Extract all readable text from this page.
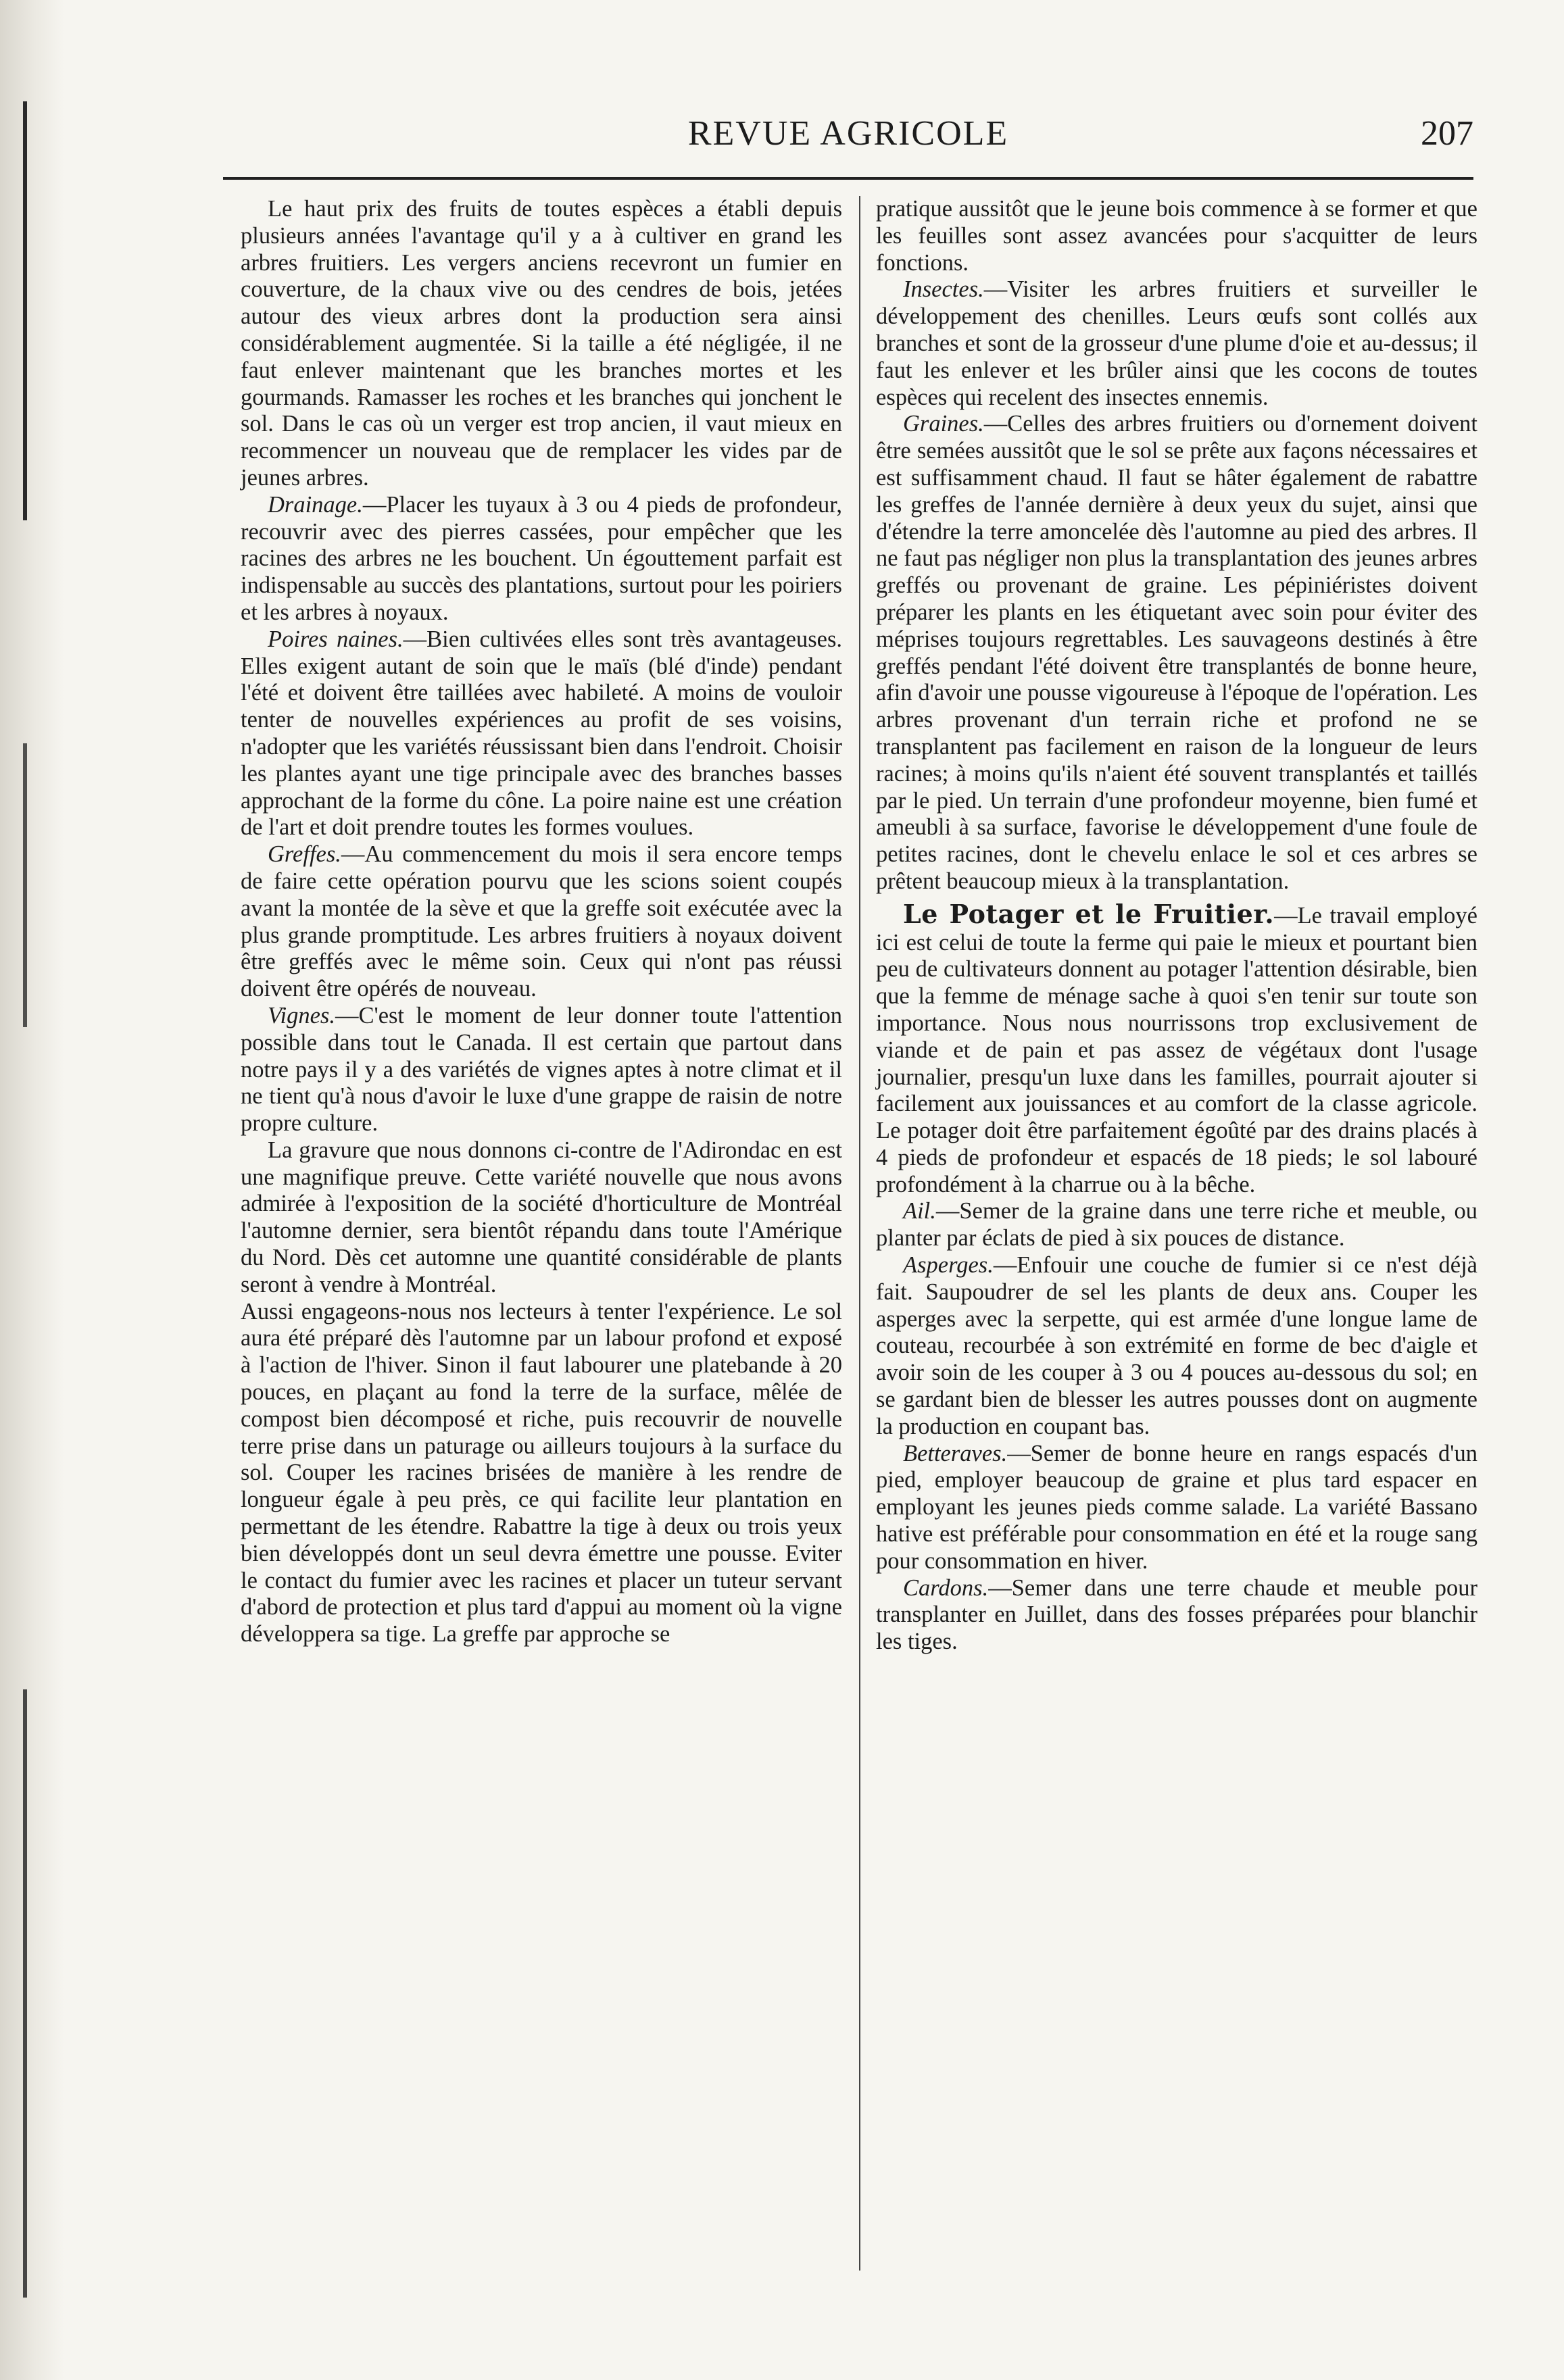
REVUE AGRICOLE	207

Le haut prix des fruits de toutes espèces a établi depuis plusieurs années l'avantage qu'il y a à cultiver en grand les arbres fruitiers. Les vergers anciens recevront un fumier en couverture, de la chaux vive ou des cendres de bois, jetées autour des vieux arbres dont la production sera ainsi considérablement augmentée. Si la taille a été négligée, il ne faut enlever maintenant que les branches mortes et les gourmands. Ramasser les roches et les branches qui jonchent le sol. Dans le cas où un verger est trop ancien, il vaut mieux en recommencer un nouveau que de remplacer les vides par de jeunes arbres.

Drainage.—Placer les tuyaux à 3 ou 4 pieds de profondeur, recouvrir avec des pierres cassées, pour empêcher que les racines des arbres ne les bouchent. Un égouttement parfait est indispensable au succès des plantations, surtout pour les poiriers et les arbres à noyaux.

Poires naines.—Bien cultivées elles sont très avantageuses. Elles exigent autant de soin que le maïs (blé d'inde) pendant l'été et doivent être taillées avec habileté. A moins de vouloir tenter de nouvelles expériences au profit de ses voisins, n'adopter que les variétés réussissant bien dans l'endroit. Choisir les plantes ayant une tige principale avec des branches basses approchant de la forme du cône. La poire naine est une création de l'art et doit prendre toutes les formes voulues.

Greffes.—Au commencement du mois il sera encore temps de faire cette opération pourvu que les scions soient coupés avant la montée de la sève et que la greffe soit exécutée avec la plus grande promptitude. Les arbres fruitiers à noyaux doivent être greffés avec le même soin. Ceux qui n'ont pas réussi doivent être opérés de nouveau.

Vignes.—C'est le moment de leur donner toute l'attention possible dans tout le Canada. Il est certain que partout dans notre pays il y a des variétés de vignes aptes à notre climat et il ne tient qu'à nous d'avoir le luxe d'une grappe de raisin de notre propre culture.

La gravure que nous donnons ci-contre de l'Adirondac en est une magnifique preuve. Cette variété nouvelle que nous avons admirée à l'exposition de la société d'horticulture de Montréal l'automne dernier, sera bientôt répandu dans toute l'Amérique du Nord. Dès cet automne une quantité considérable de plants seront à vendre à Montréal.

Aussi engageons-nous nos lecteurs à tenter l'expérience. Le sol aura été préparé dès l'automne par un labour profond et exposé à l'action de l'hiver. Sinon il faut labourer une platebande à 20 pouces, en plaçant au fond la terre de la surface, mêlée de compost bien décomposé et riche, puis recouvrir de nouvelle terre prise dans un paturage ou ailleurs toujours à la surface du sol. Couper les racines brisées de manière à les rendre de longueur égale à peu près, ce qui facilite leur plantation en permettant de les étendre. Rabattre la tige à deux ou trois yeux bien développés dont un seul devra émettre une pousse. Eviter le contact du fumier avec les racines et placer un tuteur servant d'abord de protection et plus tard d'appui au moment où la vigne développera sa tige. La greffe par approche se

pratique aussitôt que le jeune bois commence à se former et que les feuilles sont assez avancées pour s'acquitter de leurs fonctions.

Insectes.—Visiter les arbres fruitiers et surveiller le développement des chenilles. Leurs œufs sont collés aux branches et sont de la grosseur d'une plume d'oie et au-dessus; il faut les enlever et les brûler ainsi que les cocons de toutes espèces qui recelent des insectes ennemis.

Graines.—Celles des arbres fruitiers ou d'ornement doivent être semées aussitôt que le sol se prête aux façons nécessaires et est suffisamment chaud. Il faut se hâter également de rabattre les greffes de l'année dernière à deux yeux du sujet, ainsi que d'étendre la terre amoncelée dès l'automne au pied des arbres. Il ne faut pas négliger non plus la transplantation des jeunes arbres greffés ou provenant de graine. Les pépiniéristes doivent préparer les plants en les étiquetant avec soin pour éviter des méprises toujours regrettables. Les sauvageons destinés à être greffés pendant l'été doivent être transplantés de bonne heure, afin d'avoir une pousse vigoureuse à l'époque de l'opération. Les arbres provenant d'un terrain riche et profond ne se transplantent pas facilement en raison de la longueur de leurs racines; à moins qu'ils n'aient été souvent transplantés et taillés par le pied. Un terrain d'une profondeur moyenne, bien fumé et ameubli à sa surface, favorise le développement d'une foule de petites racines, dont le chevelu enlace le sol et ces arbres se prêtent beaucoup mieux à la transplantation.

Le Potager et le Fruitier.—Le travail employé ici est celui de toute la ferme qui paie le mieux et pourtant bien peu de cultivateurs donnent au potager l'attention désirable, bien que la femme de ménage sache à quoi s'en tenir sur toute son importance. Nous nous nourrissons trop exclusivement de viande et de pain et pas assez de végétaux dont l'usage journalier, presqu'un luxe dans les familles, pourrait ajouter si facilement aux jouissances et au comfort de la classe agricole. Le potager doit être parfaitement égoûté par des drains placés à 4 pieds de profondeur et espacés de 18 pieds; le sol labouré profondément à la charrue ou à la bêche.

Ail.—Semer de la graine dans une terre riche et meuble, ou planter par éclats de pied à six pouces de distance.

Asperges.—Enfouir une couche de fumier si ce n'est déjà fait. Saupoudrer de sel les plants de deux ans. Couper les asperges avec la serpette, qui est armée d'une longue lame de couteau, recourbée à son extrémité en forme de bec d'aigle et avoir soin de les couper à 3 ou 4 pouces au-dessous du sol; en se gardant bien de blesser les autres pousses dont on augmente la production en coupant bas.

Betteraves.—Semer de bonne heure en rangs espacés d'un pied, employer beaucoup de graine et plus tard espacer en employant les jeunes pieds comme salade. La variété Bassano hative est préférable pour consommation en été et la rouge sang pour consommation en hiver.

Cardons.—Semer dans une terre chaude et meuble pour transplanter en Juillet, dans des fosses préparées pour blanchir les tiges.
